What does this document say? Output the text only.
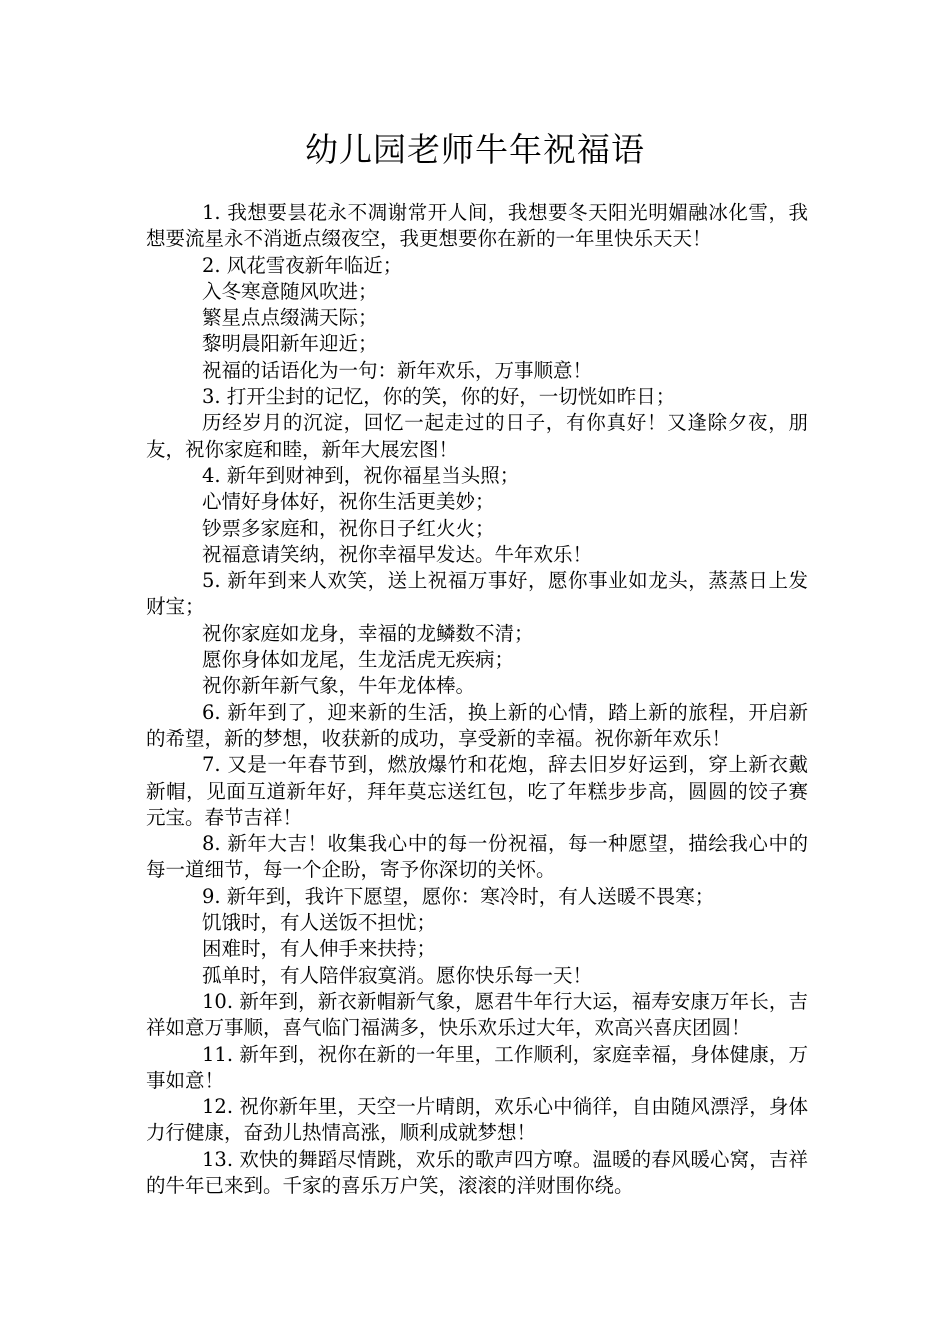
幼儿园老师牛年祝福语

1. 我想要昙花永不凋谢常开人间，我想要冬天阳光明媚融冰化雪，我想要流星永不消逝点缀夜空，我更想要你在新的一年里快乐天天！

2. 风花雪夜新年临近；

入冬寒意随风吹进；

繁星点点缀满天际；

黎明晨阳新年迎近；

祝福的话语化为一句：新年欢乐，万事顺意！

3. 打开尘封的记忆，你的笑，你的好，一切恍如昨日；

历经岁月的沉淀，回忆一起走过的日子，有你真好！又逢除夕夜，朋友，祝你家庭和睦，新年大展宏图！

4. 新年到财神到，祝你福星当头照；

心情好身体好，祝你生活更美妙；

钞票多家庭和，祝你日子红火火；

祝福意请笑纳，祝你幸福早发达。牛年欢乐！

5. 新年到来人欢笑，送上祝福万事好，愿你事业如龙头，蒸蒸日上发财宝；

祝你家庭如龙身，幸福的龙鳞数不清；

愿你身体如龙尾，生龙活虎无疾病；

祝你新年新气象，牛年龙体棒。

6. 新年到了，迎来新的生活，换上新的心情，踏上新的旅程，开启新的希望，新的梦想，收获新的成功，享受新的幸福。祝你新年欢乐！

7. 又是一年春节到，燃放爆竹和花炮，辞去旧岁好运到，穿上新衣戴新帽，见面互道新年好，拜年莫忘送红包，吃了年糕步步高，圆圆的饺子赛元宝。春节吉祥！

8. 新年大吉！收集我心中的每一份祝福，每一种愿望，描绘我心中的每一道细节，每一个企盼，寄予你深切的关怀。

9. 新年到，我许下愿望，愿你：寒冷时，有人送暖不畏寒；

饥饿时，有人送饭不担忧；

困难时，有人伸手来扶持；

孤单时，有人陪伴寂寞消。愿你快乐每一天！

10. 新年到，新衣新帽新气象，愿君牛年行大运，福寿安康万年长，吉祥如意万事顺，喜气临门福满多，快乐欢乐过大年，欢高兴喜庆团圆！

11. 新年到，祝你在新的一年里，工作顺利，家庭幸福，身体健康，万事如意！

12. 祝你新年里，天空一片晴朗，欢乐心中徜徉，自由随风漂浮，身体力行健康，奋劲儿热情高涨，顺利成就梦想！

13. 欢快的舞蹈尽情跳，欢乐的歌声四方嘹。温暖的春风暖心窝，吉祥的牛年已来到。千家的喜乐万户笑，滚滚的洋财围你绕。
